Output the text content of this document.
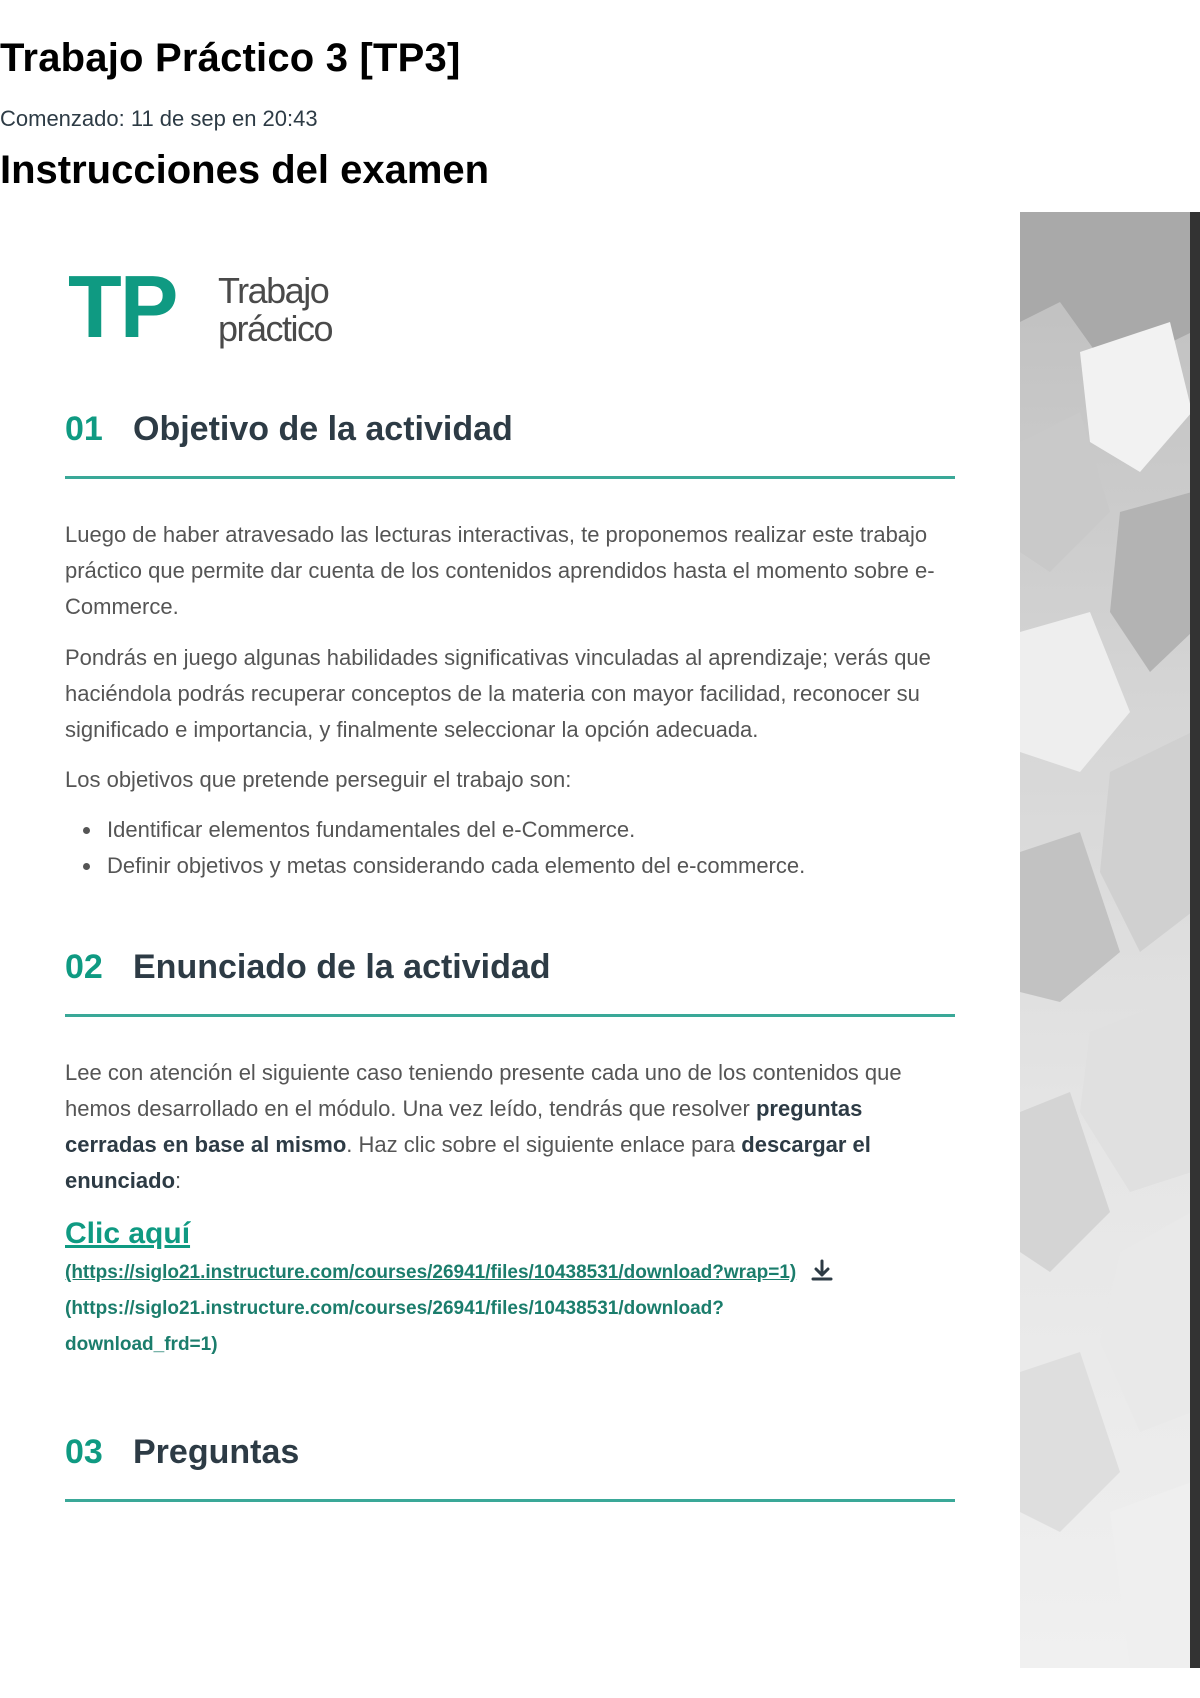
Trabajo Práctico 3 [TP3]
Comenzado: 11 de sep en 20:43
Instrucciones del examen
TP Trabajo
práctico
01 Objetivo de la actividad

Luego de haber atravesado las lecturas interactivas, te proponemos realizar este trabajo práctico que permite dar cuenta de los contenidos aprendidos hasta el momento sobre e-Commerce.

Pondrás en juego algunas habilidades significativas vinculadas al aprendizaje; verás que haciéndola podrás recuperar conceptos de la materia con mayor facilidad, reconocer su significado e importancia, y finalmente seleccionar la opción adecuada.

Los objetivos que pretende perseguir el trabajo son:

• Identificar elementos fundamentales del e-Commerce.
• Definir objetivos y metas considerando cada elemento del e-commerce.
02 Enunciado de la actividad

Lee con atención el siguiente caso teniendo presente cada uno de los contenidos que hemos desarrollado en el módulo. Una vez leído, tendrás que resolver preguntas cerradas en base al mismo. Haz clic sobre el siguiente enlace para descargar el enunciado:

Clic aquí
(https://siglo21.instructure.com/courses/26941/files/10438531/download?wrap=1)
(https://siglo21.instructure.com/courses/26941/files/10438531/download?
download_frd=1)
03 Preguntas
